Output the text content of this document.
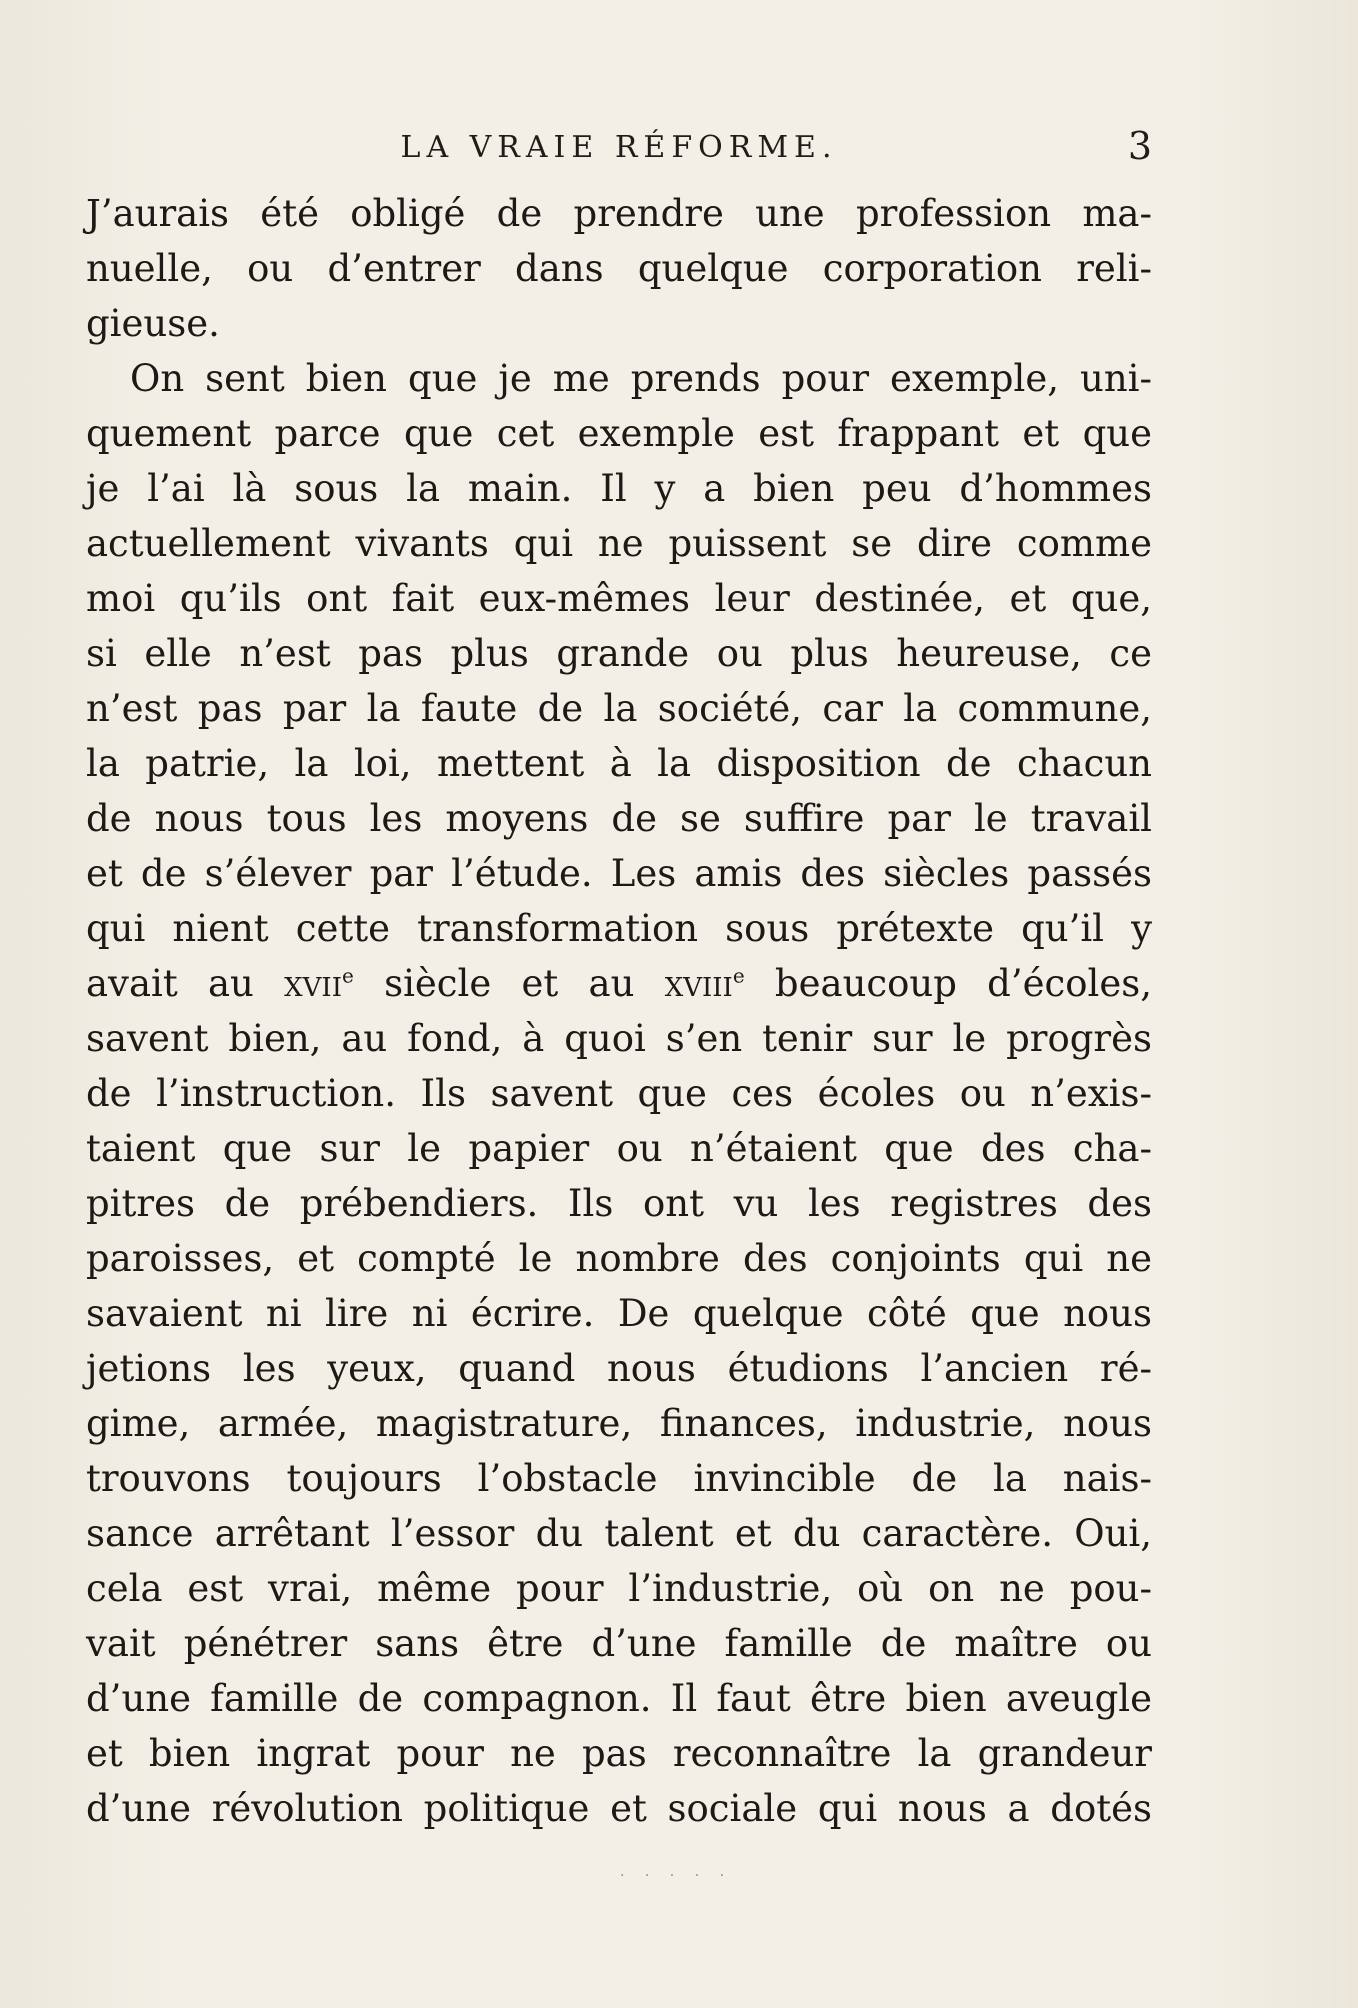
LA VRAIE RÉFORME.	3
J’aurais été obligé de prendre une profession ma-
nuelle, ou d’entrer dans quelque corporation reli-
gieuse.
On sent bien que je me prends pour exemple, uni-
quement parce que cet exemple est frappant et que
je l’ai là sous la main. Il y a bien peu d’hommes
actuellement vivants qui ne puissent se dire comme
moi qu’ils ont fait eux-mêmes leur destinée, et que,
si elle n’est pas plus grande ou plus heureuse, ce
n’est pas par la faute de la société, car la commune,
la patrie, la loi, mettent à la disposition de chacun
de nous tous les moyens de se suffire par le travail
et de s’élever par l’étude. Les amis des siècles passés
qui nient cette transformation sous prétexte qu’il y
avait au xvii$^e$ siècle et au xviii$^e$ beaucoup d’écoles,
savent bien, au fond, à quoi s’en tenir sur le progrès
de l’instruction. Ils savent que ces écoles ou n’exis-
taient que sur le papier ou n’étaient que des cha-
pitres de prébendiers. Ils ont vu les registres des
paroisses, et compté le nombre des conjoints qui ne
savaient ni lire ni écrire. De quelque côté que nous
jetions les yeux, quand nous étudions l’ancien ré-
gime, armée, magistrature, finances, industrie, nous
trouvons toujours l’obstacle invincible de la nais-
sance arrêtant l’essor du talent et du caractère. Oui,
cela est vrai, même pour l’industrie, où on ne pou-
vait pénétrer sans être d’une famille de maître ou
d’une famille de compagnon. Il faut être bien aveugle
et bien ingrat pour ne pas reconnaître la grandeur
d’une révolution politique et sociale qui nous a dotés
· · · · ·
